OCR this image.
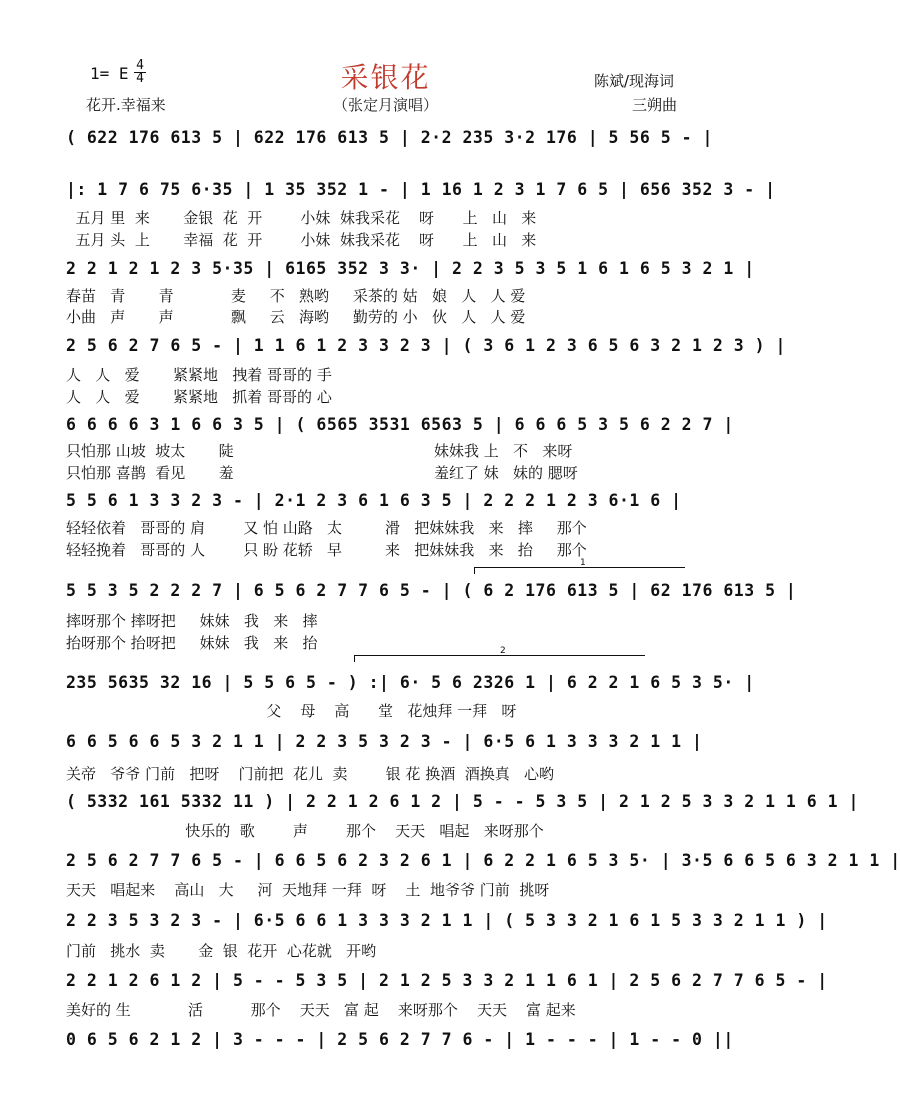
采银花
（张定月演唱）
1= E 4
4
花开.幸福来
陈斌/现海词
三朔曲
( 622 176 613 5 | 622 176 613 5 | 2·2 235 3·2 176 | 5 56 5 - |
|: 1 7 6 75 6·35 | 1 35 352 1 - | 1 16 1 2 3 1 7 6 5 | 656 352 3 - |
五月 里  来       金银  花  开        小妹  妹我采花    呀      上   山   来
五月 头  上       幸福  花  开        小妹  妹我采花    呀      上   山   来
2 2 1 2 1 2 3 5·35 | 6165 352 3 3· | 2 2 3 5 3 5 1 6 1 6 5 3 2 1 |
春苗   青       青            麦     不   熟哟     采茶的 姑   娘   人   人 爱
小曲   声       声            飘     云   海哟     勤劳的 小   伙   人   人 爱
2 5 6 2 7 6 5 - | 1 1 6 1 2 3 3 2 3 | ( 3 6 1 2 3 6 5 6 3 2 1 2 3 ) |
人   人   爱       紧紧地   拽着 哥哥的 手
人   人   爱       紧紧地   抓着 哥哥的 心
6 6 6 6 3 1 6 6 3 5 | ( 6565 3531 6563 5 | 6 6 6 5 3 5 6 2 2 7 |
只怕那 山坡  坡太       陡                                          妹妹我 上   不   来呀
只怕那 喜鹊  看见       羞                                          羞红了 妹   妹的 腮呀
5 5 6 1 3 3 2 3 - | 2·1 2 3 6 1 6 3 5 | 2 2 2 1 2 3 6·1 6 |
轻轻依着   哥哥的 肩        又 怕 山路   太         滑   把妹妹我   来   摔     那个
轻轻挽着   哥哥的 人        只 盼 花轿   早         来   把妹妹我   来   抬     那个
1
5 5 3 5 2 2 2 7 | 6 5 6 2 7 7 6 5 - | ( 6 2 176 613 5 | 62 176 613 5 |
摔呀那个 摔呀把     妹妹   我   来   摔
抬呀那个 抬呀把     妹妹   我   来   抬	2
235 5635 32 16 | 5 5 6 5 - ) :| 6· 5 6 2326 1 | 6 2 2 1 6 5 3 5· |
父    母    高      堂   花烛拜 一拜   呀
6 6 5 6 6 5 3 2 1 1 | 2 2 3 5 3 2 3 - | 6·5 6 1 3 3 3 2 1 1 |
关帝   爷爷 门前   把呀    门前把  花儿  卖        银 花 换酒  酒换真   心哟
( 5332 161 5332 11 ) | 2 2 1 2 6 1 2 | 5 - - 5 3 5 | 2 1 2 5 3 3 2 1 1 6 1 |
快乐的  歌        声        那个    天天   唱起   来呀那个
2 5 6 2 7 7 6 5 - | 6 6 5 6 2 3 2 6 1 | 6 2 2 1 6 5 3 5· | 3·5 6 6 5 6 3 2 1 1 |
天天   唱起来    高山   大     河  天地拜 一拜  呀    土  地爷爷 门前  挑呀
2 2 3 5 3 2 3 - | 6·5 6 6 1 3 3 3 2 1 1 | ( 5 3 3 2 1 6 1 5 3 3 2 1 1 ) |
门前   挑水  卖       金  银  花开  心花就   开哟
2 2 1 2 6 1 2 | 5 - - 5 3 5 | 2 1 2 5 3 3 2 1 1 6 1 | 2 5 6 2 7 7 6 5 - |
美好的 生            活          那个    天天   富 起    来呀那个    天天    富 起来
0 6 5 6 2 1 2 | 3 - - - | 2 5 6 2 7 7 6 - | 1 - - - | 1 - - 0 ||
